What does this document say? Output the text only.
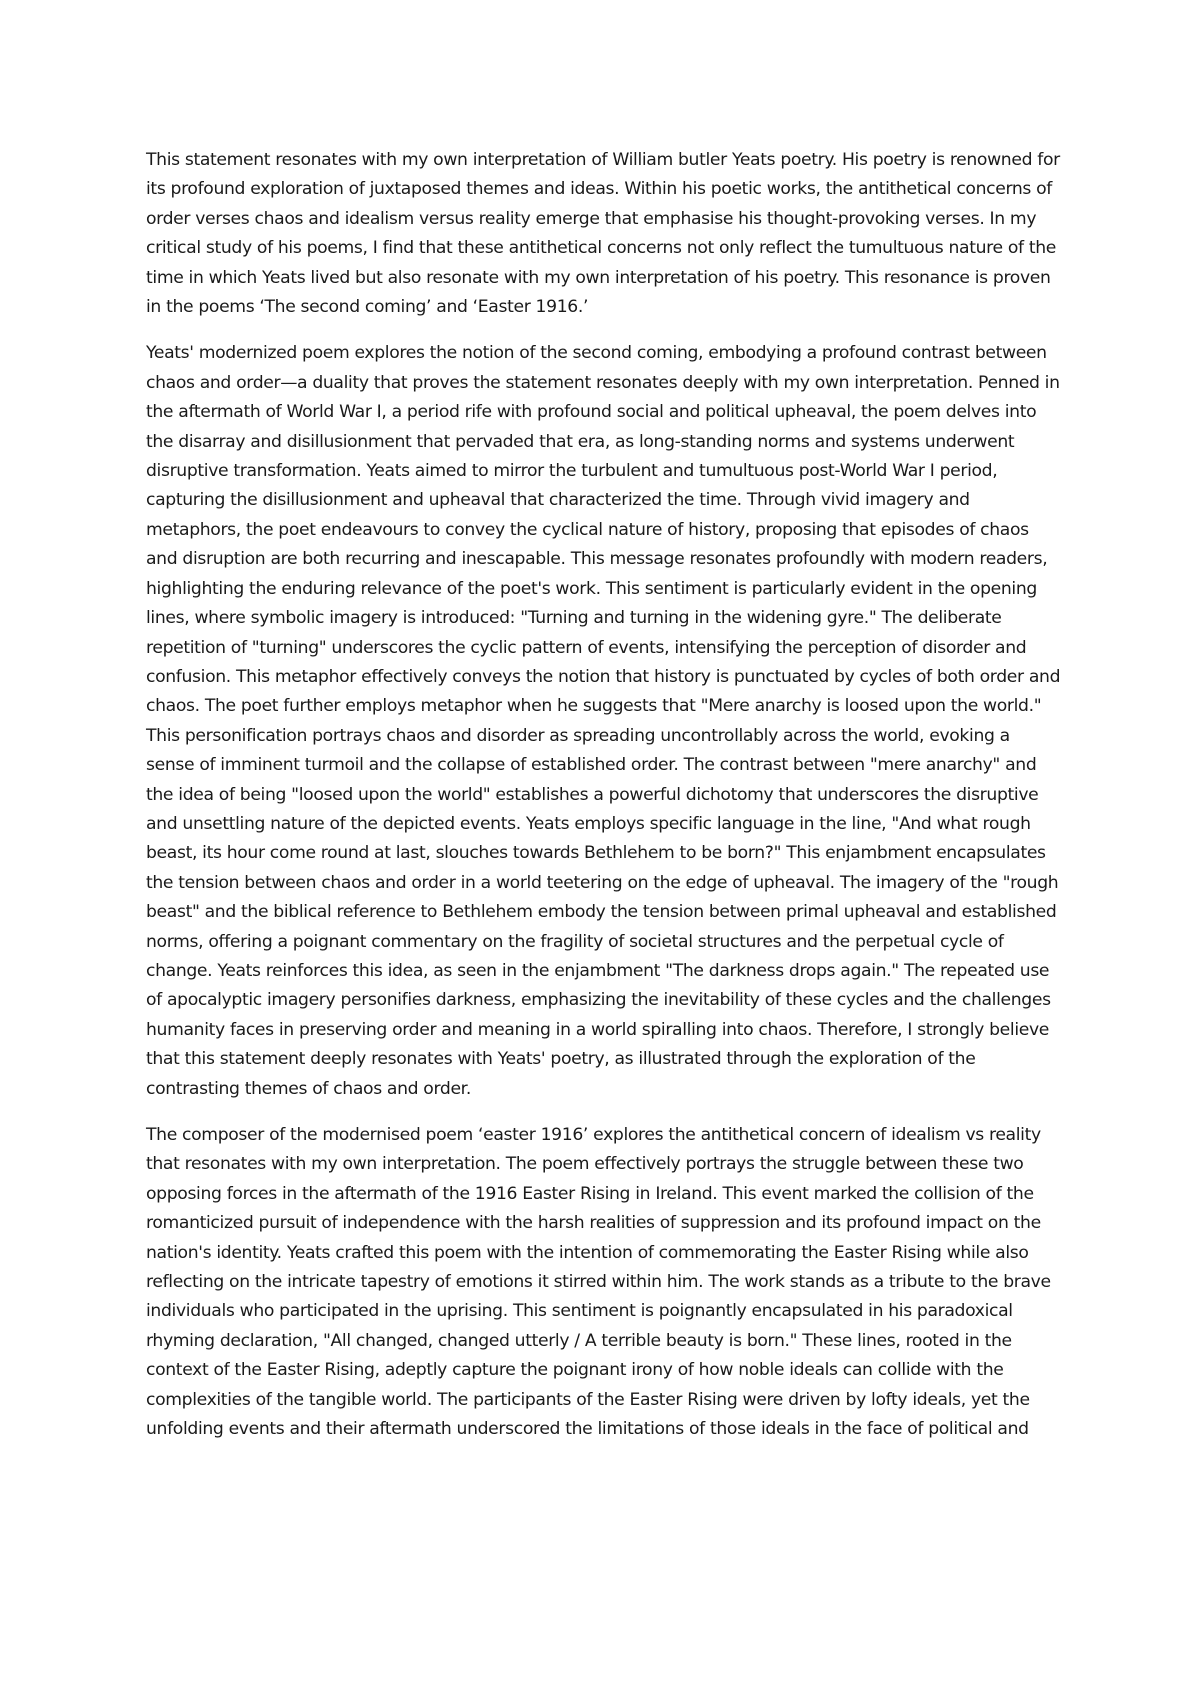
This statement resonates with my own interpretation of William butler Yeats poetry. His poetry is renowned for its profound exploration of juxtaposed themes and ideas. Within his poetic works, the antithetical concerns of order verses chaos and idealism versus reality emerge that emphasise his thought-provoking verses. In my critical study of his poems, I find that these antithetical concerns not only reflect the tumultuous nature of the time in which Yeats lived but also resonate with my own interpretation of his poetry. This resonance is proven in the poems ‘The second coming’ and ‘Easter 1916.’

Yeats' modernized poem explores the notion of the second coming, embodying a profound contrast between chaos and order—a duality that proves the statement resonates deeply with my own interpretation. Penned in the aftermath of World War I, a period rife with profound social and political upheaval, the poem delves into the disarray and disillusionment that pervaded that era, as long-standing norms and systems underwent disruptive transformation. Yeats aimed to mirror the turbulent and tumultuous post-World War I period, capturing the disillusionment and upheaval that characterized the time. Through vivid imagery and metaphors, the poet endeavours to convey the cyclical nature of history, proposing that episodes of chaos and disruption are both recurring and inescapable. This message resonates profoundly with modern readers, highlighting the enduring relevance of the poet's work. This sentiment is particularly evident in the opening lines, where symbolic imagery is introduced: "Turning and turning in the widening gyre." The deliberate repetition of "turning" underscores the cyclic pattern of events, intensifying the perception of disorder and confusion. This metaphor effectively conveys the notion that history is punctuated by cycles of both order and chaos. The poet further employs metaphor when he suggests that "Mere anarchy is loosed upon the world." This personification portrays chaos and disorder as spreading uncontrollably across the world, evoking a sense of imminent turmoil and the collapse of established order. The contrast between "mere anarchy" and the idea of being "loosed upon the world" establishes a powerful dichotomy that underscores the disruptive and unsettling nature of the depicted events. Yeats employs specific language in the line, "And what rough beast, its hour come round at last, slouches towards Bethlehem to be born?" This enjambment encapsulates the tension between chaos and order in a world teetering on the edge of upheaval. The imagery of the "rough beast" and the biblical reference to Bethlehem embody the tension between primal upheaval and established norms, offering a poignant commentary on the fragility of societal structures and the perpetual cycle of change. Yeats reinforces this idea, as seen in the enjambment "The darkness drops again." The repeated use of apocalyptic imagery personifies darkness, emphasizing the inevitability of these cycles and the challenges humanity faces in preserving order and meaning in a world spiralling into chaos. Therefore, I strongly believe that this statement deeply resonates with Yeats' poetry, as illustrated through the exploration of the contrasting themes of chaos and order.

The composer of the modernised poem ‘easter 1916’ explores the antithetical concern of idealism vs reality that resonates with my own interpretation. The poem effectively portrays the struggle between these two opposing forces in the aftermath of the 1916 Easter Rising in Ireland. This event marked the collision of the romanticized pursuit of independence with the harsh realities of suppression and its profound impact on the nation's identity. Yeats crafted this poem with the intention of commemorating the Easter Rising while also reflecting on the intricate tapestry of emotions it stirred within him. The work stands as a tribute to the brave individuals who participated in the uprising. This sentiment is poignantly encapsulated in his paradoxical rhyming declaration, "All changed, changed utterly / A terrible beauty is born." These lines, rooted in the context of the Easter Rising, adeptly capture the poignant irony of how noble ideals can collide with the complexities of the tangible world. The participants of the Easter Rising were driven by lofty ideals, yet the unfolding events and their aftermath underscored the limitations of those ideals in the face of political and
